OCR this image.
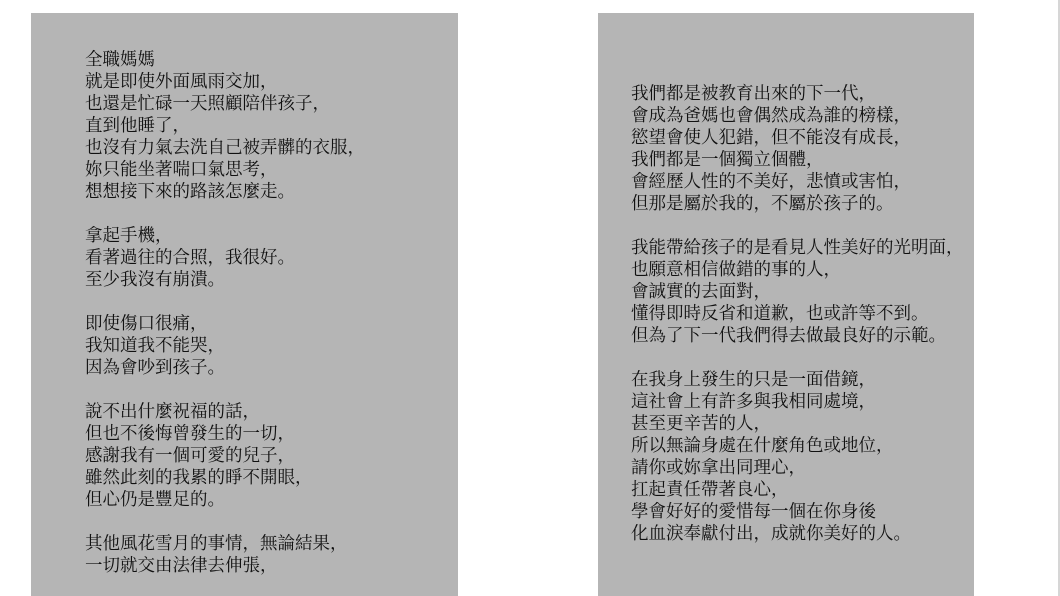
全職媽媽
就是即使外面風雨交加，
也還是忙碌一天照顧陪伴孩子，
直到他睡了，
也沒有力氣去洗自己被弄髒的衣服，
妳只能坐著喘口氣思考，
想想接下來的路該怎麼走。
拿起手機，
看著過往的合照，我很好。
至少我沒有崩潰。
即使傷口很痛，
我知道我不能哭，
因為會吵到孩子。
說不出什麼祝福的話，
但也不後悔曾發生的一切，
感謝我有一個可愛的兒子，
雖然此刻的我累的睜不開眼，
但心仍是豐足的。
其他風花雪月的事情，無論結果，
一切就交由法律去伸張，
我們都是被教育出來的下一代，
會成為爸媽也會偶然成為誰的榜樣，
慾望會使人犯錯，但不能沒有成長，
我們都是一個獨立個體，
會經歷人性的不美好，悲憤或害怕，
但那是屬於我的，不屬於孩子的。
我能帶給孩子的是看見人性美好的光明面，
也願意相信做錯的事的人，
會誠實的去面對，
懂得即時反省和道歉，也或許等不到。
但為了下一代我們得去做最良好的示範。
在我身上發生的只是一面借鏡，
這社會上有許多與我相同處境，
甚至更辛苦的人，
所以無論身處在什麼角色或地位，
請你或妳拿出同理心，
扛起責任帶著良心，
學會好好的愛惜每一個在你身後
化血淚奉獻付出，成就你美好的人。
